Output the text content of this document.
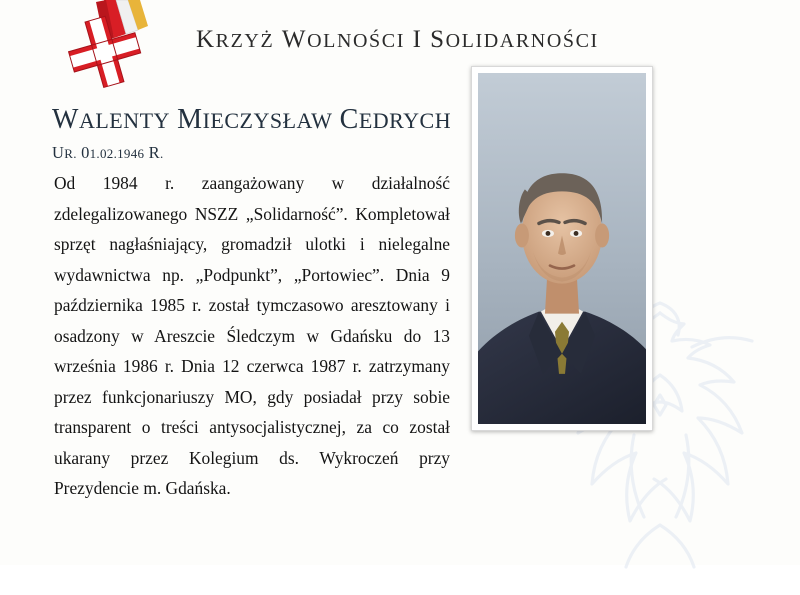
KRZYŻ WOLNOŚCI I SOLIDARNOŚCI
WALENTY MIECZYSŁAW CEDRYCH
UR. 01.02.1946 R.
Od 1984 r. zaangażowany w działalność zdelegalizowanego NSZZ „Solidarność”. Kompletował sprzęt nagłaśniający, gromadził ulotki i nielegalne wydawnictwa np. „Podpunkt”, „Portowiec”. Dnia 9 października 1985 r. został tymczasowo aresztowany i osadzony w Areszcie Śledczym w Gdańsku do 13 września 1986 r. Dnia 12 czerwca 1987 r. zatrzymany przez funkcjonariuszy MO, gdy posiadał przy sobie transparent o treści antysocjalistycznej, za co został ukarany przez Kolegium ds. Wykroczeń przy Prezydencie m. Gdańska.
